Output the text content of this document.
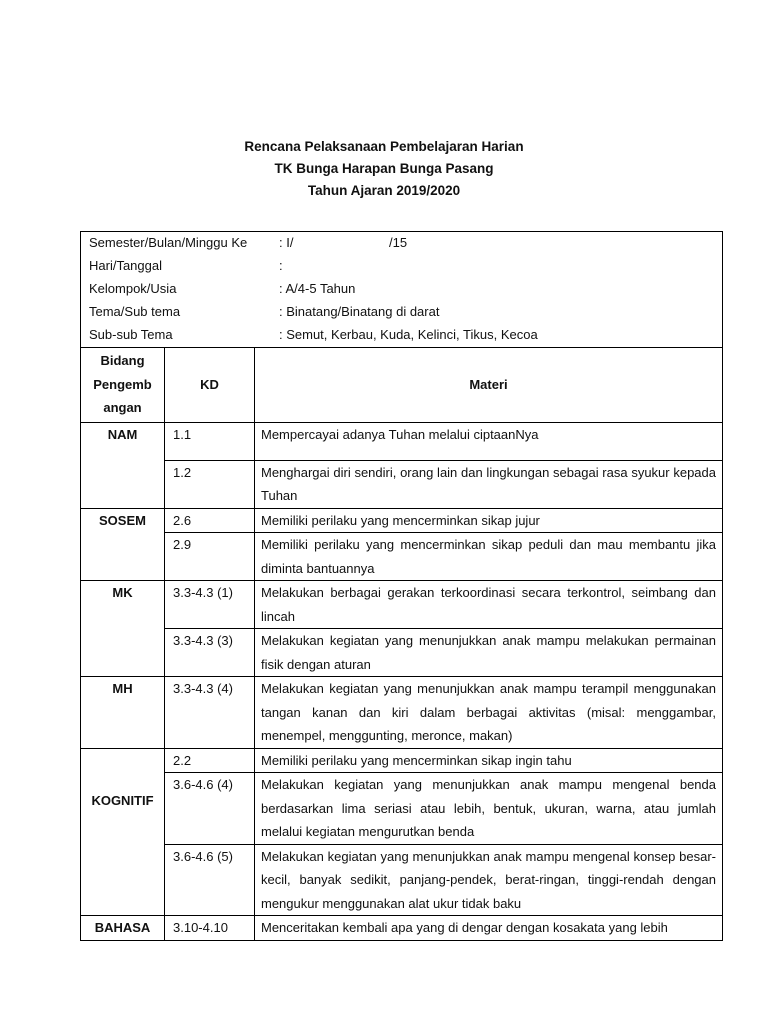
Rencana Pelaksanaan Pembelajaran Harian
TK Bunga Harapan Bunga Pasang
Tahun Ajaran 2019/2020
Semester/Bulan/Minggu Ke : I/	/15
Hari/Tanggal	:
Kelompok/Usia	: A/4-5 Tahun
Tema/Sub tema	: Binatang/Binatang di darat
Sub-sub Tema	: Semut, Kerbau, Kuda, Kelinci, Tikus, Kecoa
Bidang
Pengemb
angan	KD	Materi
NAM	1.1	Mempercayai adanya Tuhan melalui ciptaanNya
	1.2	Menghargai diri sendiri, orang lain dan lingkungan sebagai rasa syukur kepada Tuhan
SOSEM	2.6	Memiliki perilaku yang mencerminkan sikap jujur
	2.9	Memiliki perilaku yang mencerminkan sikap peduli dan mau membantu jika diminta bantuannya
MK	3.3-4.3 (1)	Melakukan berbagai gerakan terkoordinasi secara terkontrol, seimbang dan lincah
	3.3-4.3 (3)	Melakukan kegiatan yang menunjukkan anak mampu melakukan permainan fisik dengan aturan
MH	3.3-4.3 (4)	Melakukan kegiatan yang menunjukkan anak mampu terampil menggunakan tangan kanan dan kiri dalam berbagai aktivitas (misal: menggambar, menempel, menggunting, meronce, makan)
KOGNITIF	2.2	Memiliki perilaku yang mencerminkan sikap ingin tahu
	3.6-4.6 (4)	Melakukan kegiatan yang menunjukkan anak mampu mengenal benda berdasarkan lima seriasi atau lebih, bentuk, ukuran, warna, atau jumlah melalui kegiatan mengurutkan benda
	3.6-4.6 (5)	Melakukan kegiatan yang menunjukkan anak mampu mengenal konsep besar-kecil, banyak sedikit, panjang-pendek, berat-ringan, tinggi-rendah dengan mengukur menggunakan alat ukur tidak baku
BAHASA	3.10-4.10	Menceritakan kembali apa yang di dengar dengan kosakata yang lebih
